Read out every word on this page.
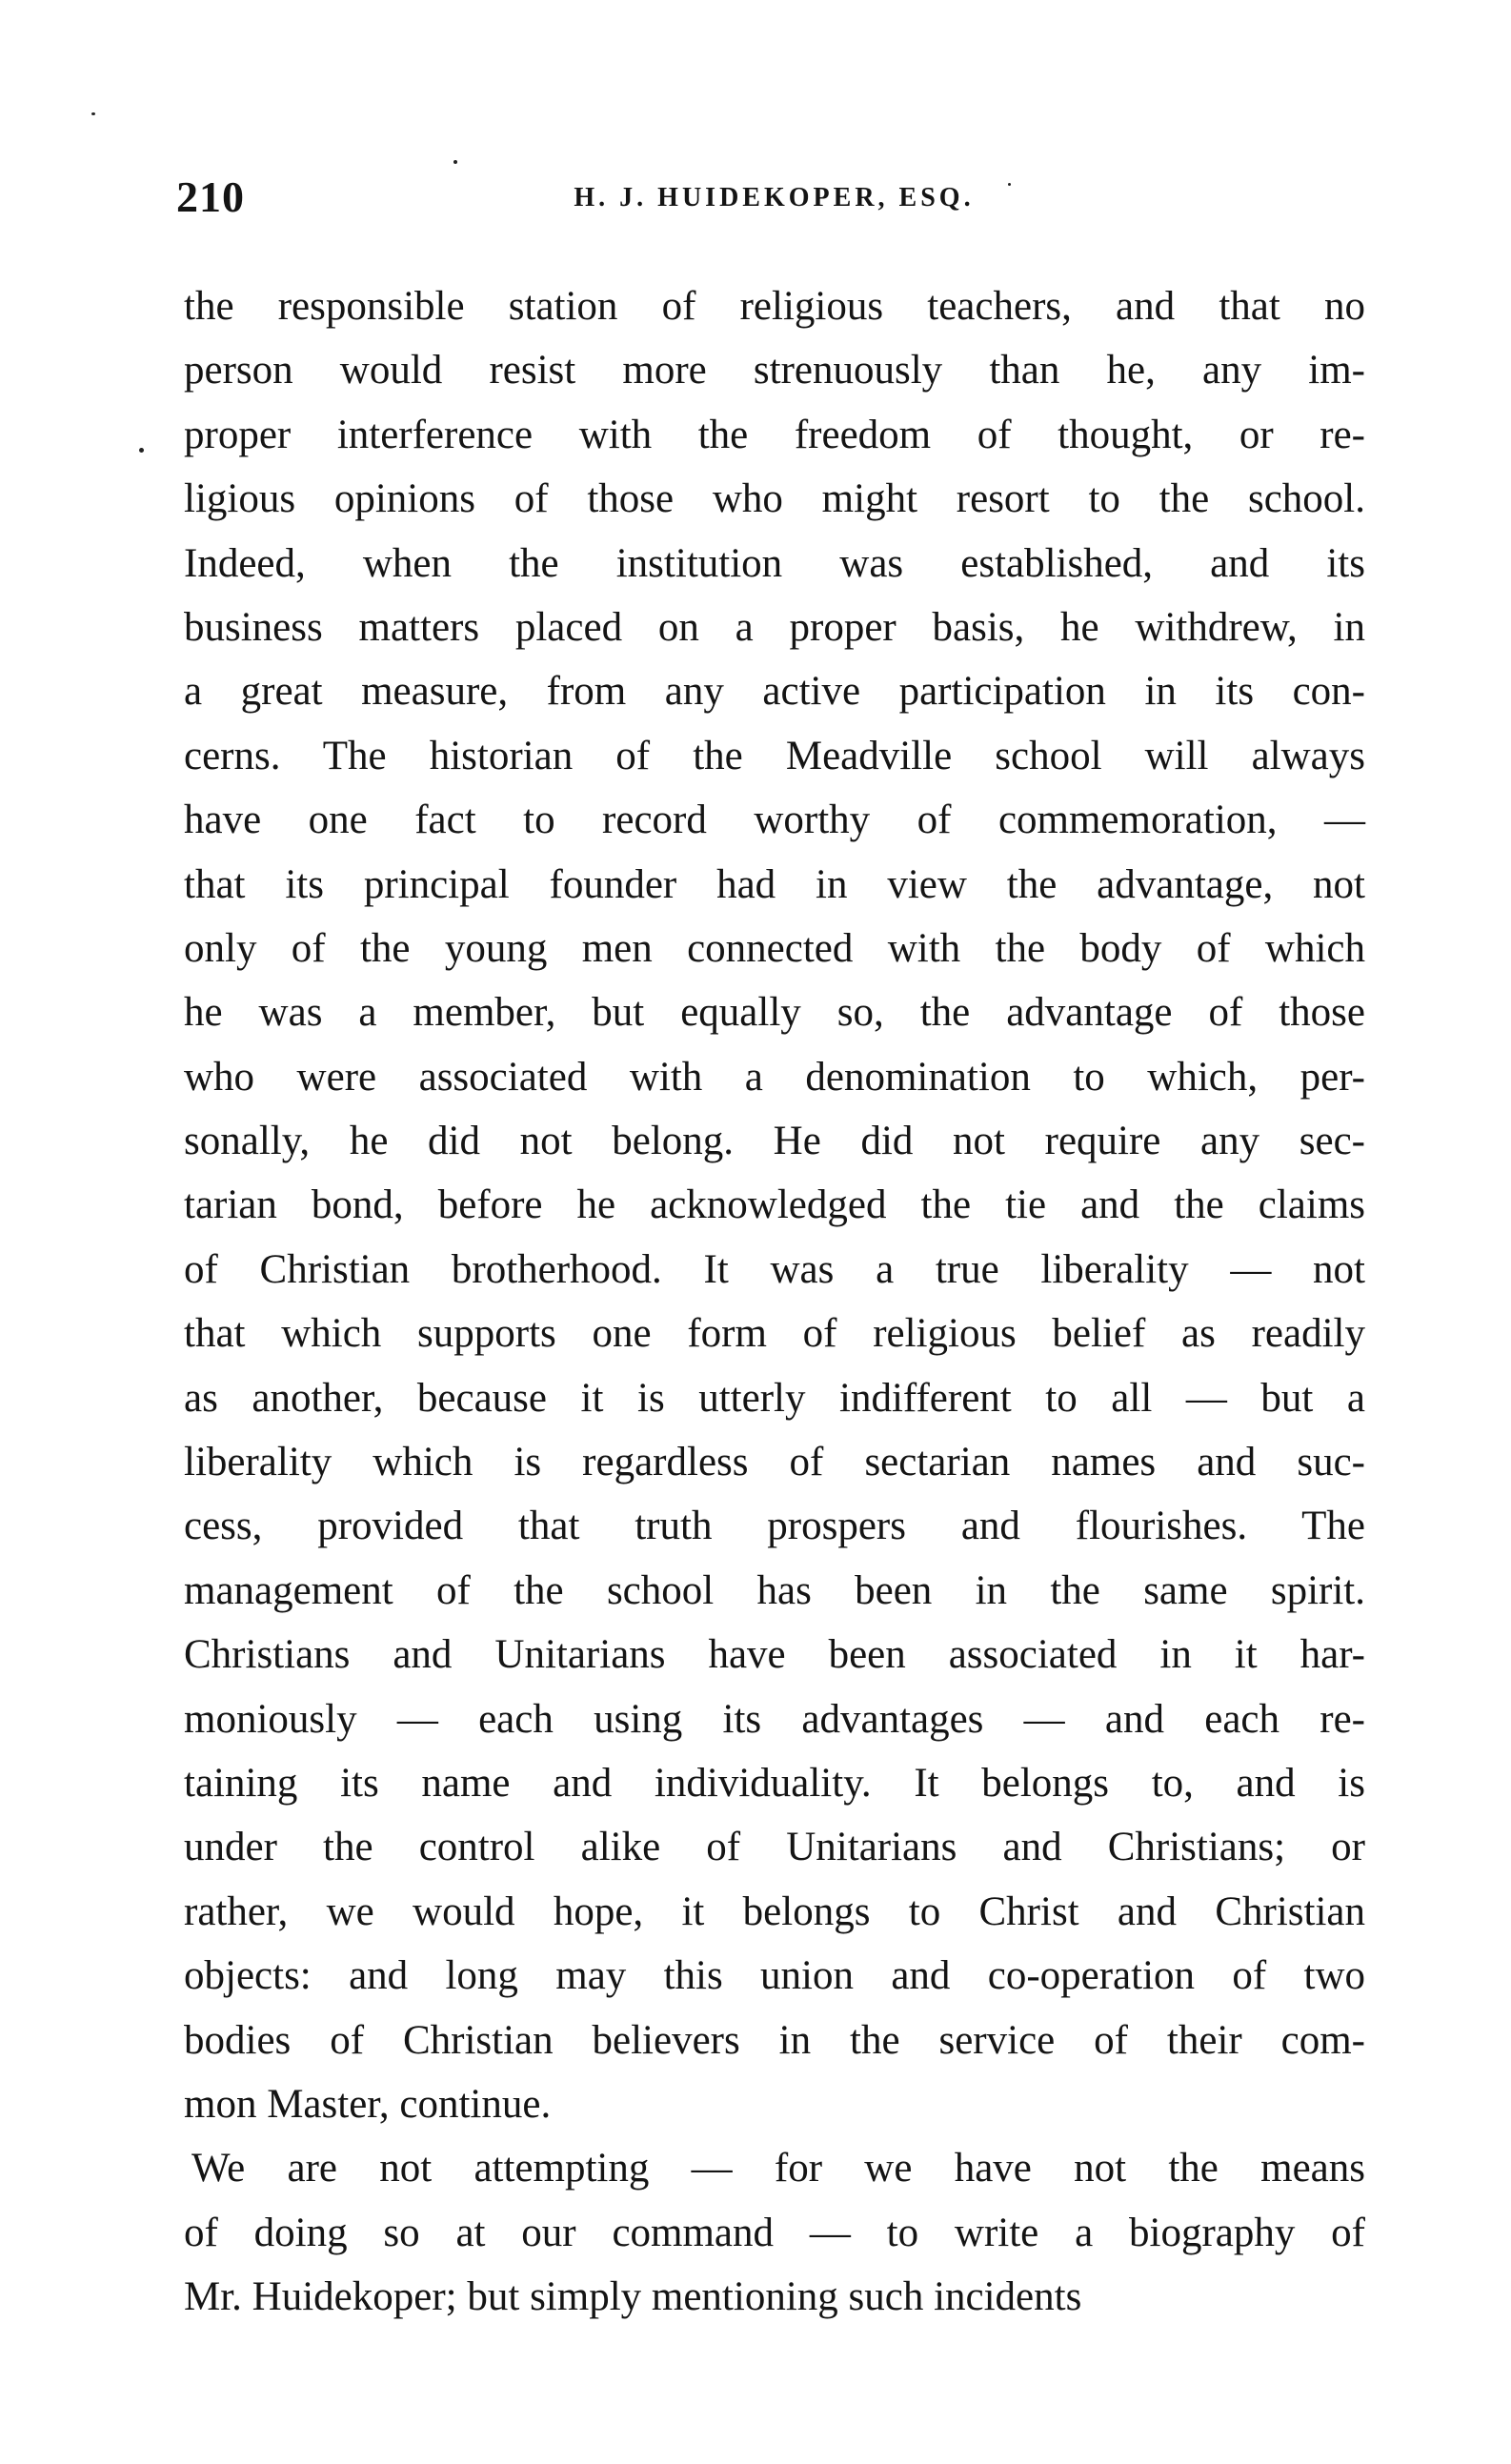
210	H. J. HUIDEKOPER, ESQ.
the responsible station of religious teachers, and that no
person would resist more strenuously than he, any im-
proper interference with the freedom of thought, or re-
ligious opinions of those who might resort to the school.
Indeed, when the institution was established, and its
business matters placed on a proper basis, he withdrew, in
a great measure, from any active participation in its con-
cerns. The historian of the Meadville school will always
have one fact to record worthy of commemoration, —
that its principal founder had in view the advantage, not
only of the young men connected with the body of which
he was a member, but equally so, the advantage of those
who were associated with a denomination to which, per-
sonally, he did not belong. He did not require any sec-
tarian bond, before he acknowledged the tie and the claims
of Christian brotherhood. It was a true liberality — not
that which supports one form of religious belief as readily
as another, because it is utterly indifferent to all — but a
liberality which is regardless of sectarian names and suc-
cess, provided that truth prospers and flourishes. The
management of the school has been in the same spirit.
Christians and Unitarians have been associated in it har-
moniously — each using its advantages — and each re-
taining its name and individuality. It belongs to, and is
under the control alike of Unitarians and Christians; or
rather, we would hope, it belongs to Christ and Christian
objects: and long may this union and co-operation of two
bodies of Christian believers in the service of their com-
mon Master, continue.
We are not attempting — for we have not the means
of doing so at our command — to write a biography of
Mr. Huidekoper; but simply mentioning such incidents
